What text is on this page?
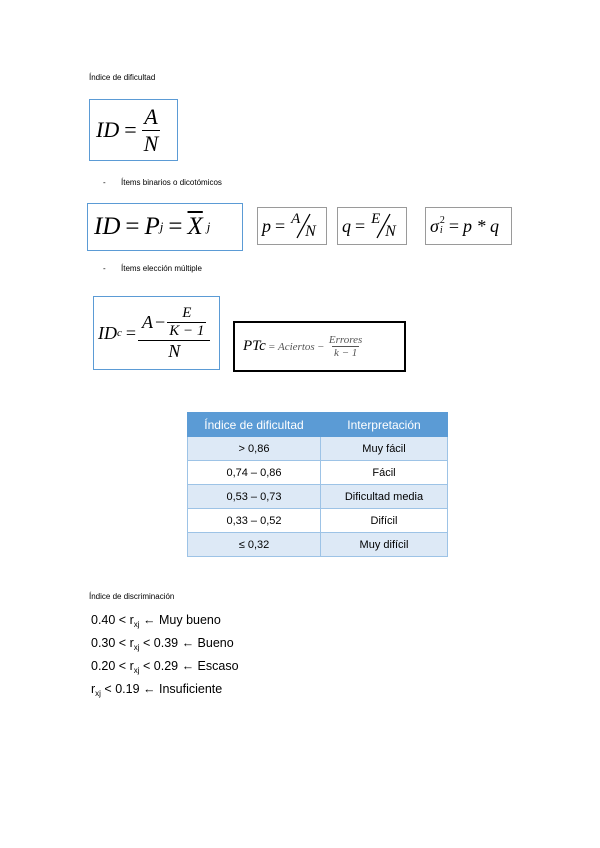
Índice de dificultad
ID = $\frac{A}{N}$
- Ítems binarios o dicotómicos
ID = P $j = \overline{X}$ j	p = A
N q = E
N σ 2
i = p * q
- Ítems elección múltiple
ID $c = \frac{A - \frac{E}{K - 1}}{N}$ PTc = Aciertos − $\frac{\text{Errores}}{k - 1}$
Índice de dificultad	Interpretación
> 0,86	Muy fácil
0,74 – 0,86	Fácil
0,53 – 0,73	Dificultad media
0,33 – 0,52	Difícil
≤ 0,32	Muy difícil
Índice de discriminación
$0.40 < r_{xj}$ ← Muy bueno
$0.30 < r_{xj} < 0.39$ ← Bueno
$0.20 < r_{xj} < 0.29$ ← Escaso
$r_{xj} < 0.19$ ← Insuficiente
